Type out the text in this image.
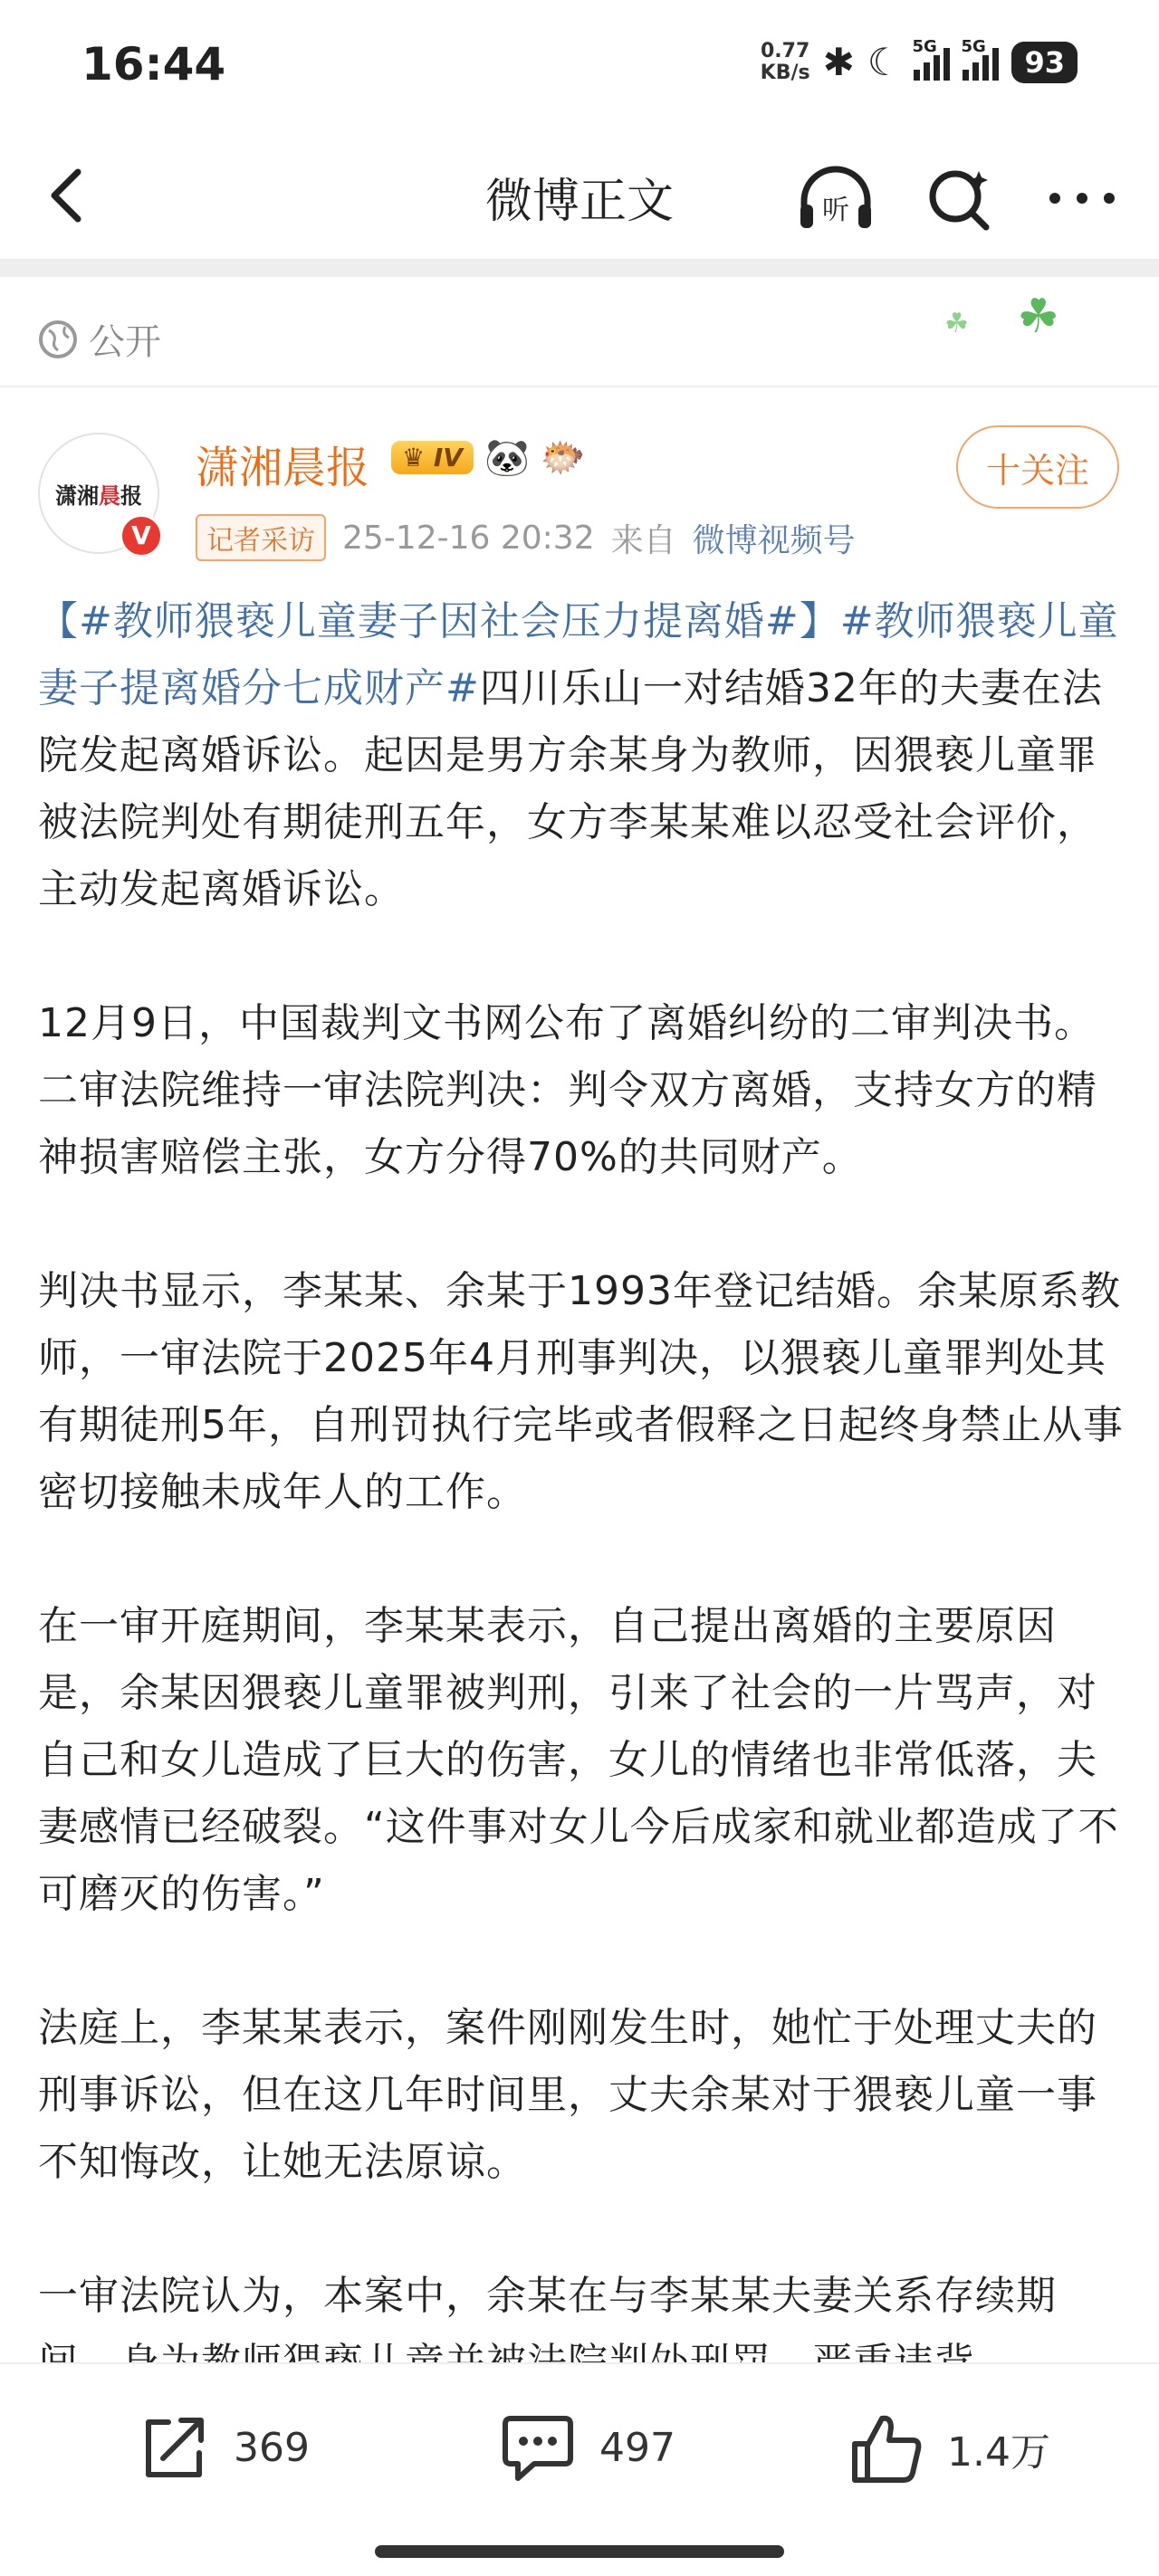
16:44	0.77
KB/s ✱ ☾ 5G 5G	93
微博正文	听
公开	☘ ☘
潇湘 晨 报
V
潇湘晨报	♛ IV 🐼 🐡
记者采访 25-12-16 20:32 来自 微博视频号
十关注

【#教师猥亵儿童妻子因社会压力提离婚#】#教师猥亵儿童妻子提离婚分七成财产#四川乐山一对结婚32年的夫妻在法院发起离婚诉讼。起因是男方余某身为教师，因猥亵儿童罪被法院判处有期徒刑五年，女方李某某难以忍受社会评价，主动发起离婚诉讼。

12月9日，中国裁判文书网公布了离婚纠纷的二审判决书。二审法院维持一审法院判决：判令双方离婚，支持女方的精神损害赔偿主张，女方分得70%的共同财产。

判决书显示，李某某、余某于1993年登记结婚。余某原系教师，一审法院于2025年4月刑事判决，以猥亵儿童罪判处其有期徒刑5年，自刑罚执行完毕或者假释之日起终身禁止从事密切接触未成年人的工作。

在一审开庭期间，李某某表示，自己提出离婚的主要原因是，余某因猥亵儿童罪被判刑，引来了社会的一片骂声，对自己和女儿造成了巨大的伤害，女儿的情绪也非常低落，夫妻感情已经破裂。“这件事对女儿今后成家和就业都造成了不可磨灭的伤害。”

法庭上，李某某表示，案件刚刚发生时，她忙于处理丈夫的刑事诉讼，但在这几年时间里，丈夫余某对于猥亵儿童一事不知悔改，让她无法原谅。

一审法院认为，本案中，余某在与李某某夫妻关系存续期

369	497	1.4万
